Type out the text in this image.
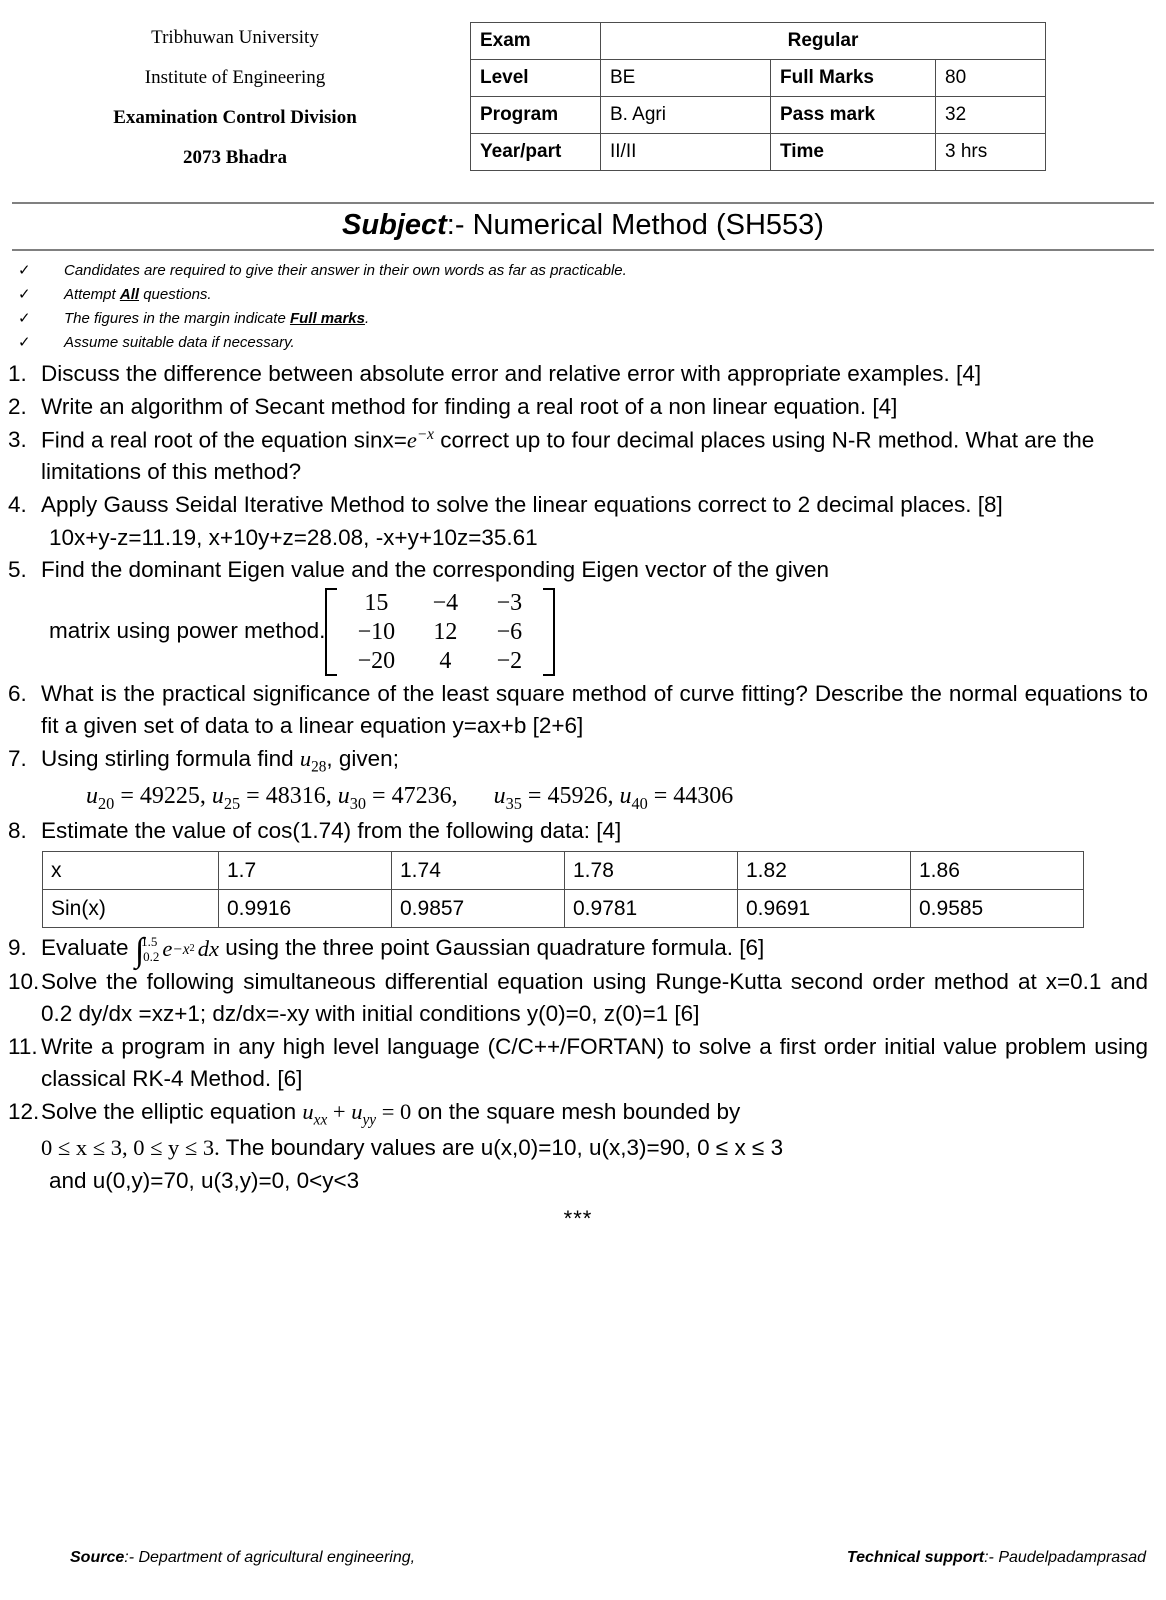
Tribhuwan University
Institute of Engineering
Examination Control Division
2073 Bhadra
Exam	Regular		
Level	BE	Full Marks	80
Program	B. Agri	Pass mark	32
Year/part	II/II	Time	3 hrs
Subject:- Numerical Method (SH553)
✓	Candidates are required to give their answer in their own words as far as practicable.
✓	Attempt All questions.
✓	The figures in the margin indicate Full marks.
✓	Assume suitable data if necessary.
1. Discuss the difference between absolute error and relative error with appropriate examples. [4]
2. Write an algorithm of Secant method for finding a real root of a non linear equation. [4]
3. Find a real root of the equation $\sin x=e^{-x}$ correct up to four decimal places using N-R method. What are the limitations of this method?
4. Apply Gauss Seidal Iterative Method to solve the linear equations correct to 2 decimal places. [8]
10x+y-z=11.19, x+10y+z=28.08, -x+y+10z=35.61
5. Find the dominant Eigen value and the corresponding Eigen vector of the given
matrix using power method.
15	−4	−3
−10	12	−6
−20	4	−2
6. What is the practical significance of the least square method of curve fitting? Describe the normal equations to fit a given set of data to a linear equation y=ax+b [2+6]
7. Using stirling formula find $u_{28}$, given;
$u_{20} = 49225$, $u_{25} = 48316$, $u_{30} = 47236$,      $u_{35} = 45926$, $u_{40} = 44306$
8. Estimate the value of cos(1.74) from the following data: [4]
x	1.7	1.74	1.78	1.82	1.86
Sin(x)	0.9916	0.9857	0.9781	0.9691	0.9585
9. Evaluate ∫
1.5
0.2 e −x 2 dx using the three point Gaussian quadrature formula. [6]
10. Solve the following simultaneous differential equation using Runge-Kutta second order method at x=0.1 and 0.2 dy/dx =xz+1; dz/dx=-xy with initial conditions y(0)=0, z(0)=1 [6]
11. Write a program in any high level language (C/C++/FORTAN) to solve a first order initial value problem using classical RK-4 Method. [6]
12. Solve the elliptic equation $u_{xx} + u_{yy} = 0$ on the square mesh bounded by

0 ≤ x ≤ 3, 0 ≤ y ≤ 3. The boundary values are u(x,0)=10, u(x,3)=90, 0 ≤ x ≤ 3
and u(0,y)=70, u(3,y)=0, 0<y<3
***
Source:- Department of agricultural engineering,	Technical support:- Paudelpadamprasad
